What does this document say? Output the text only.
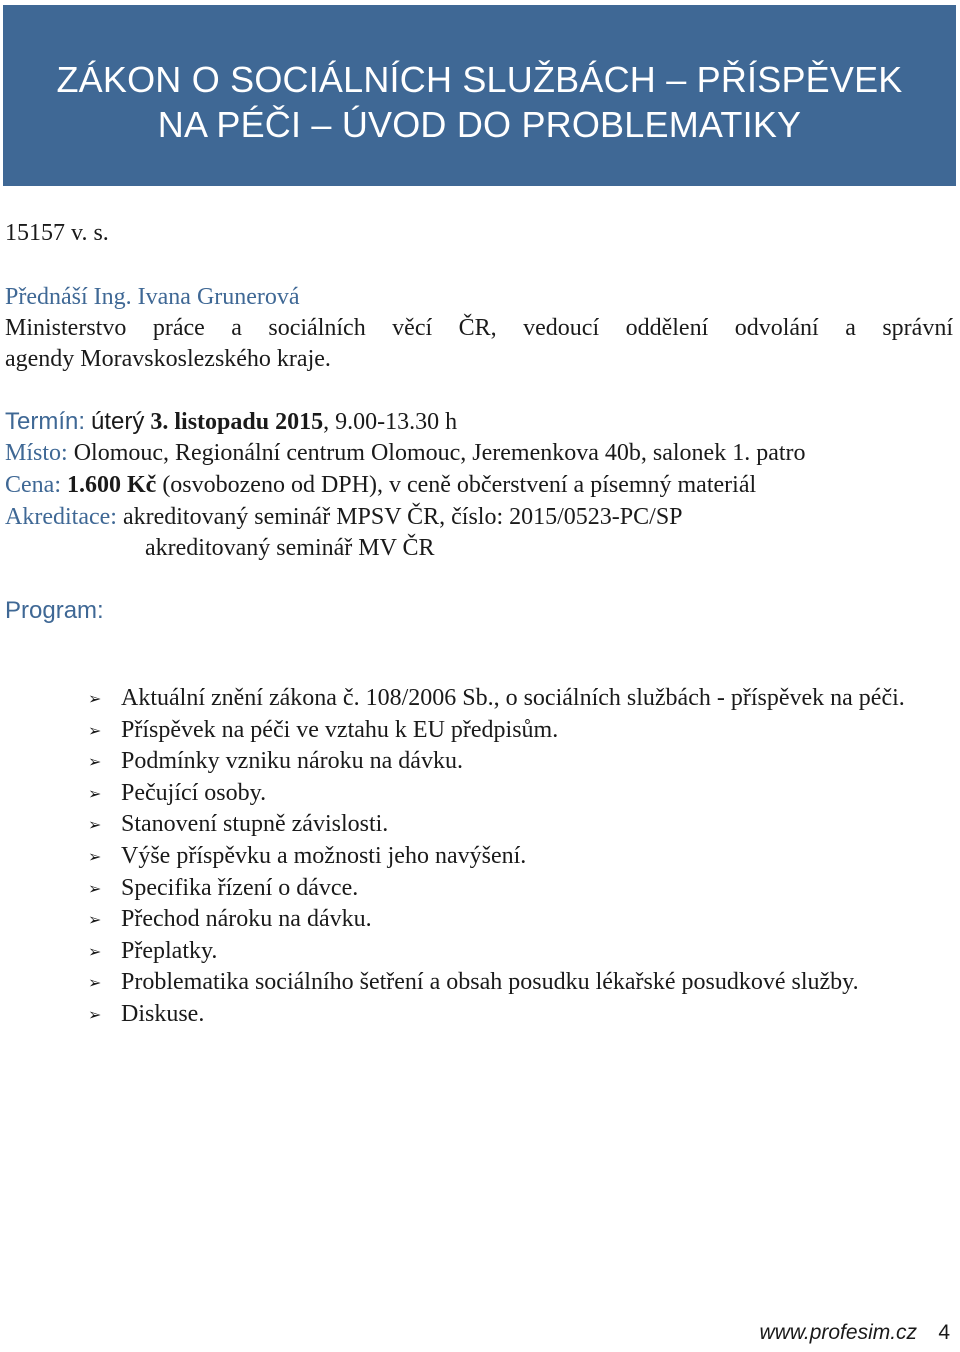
ZÁKON O SOCIÁLNÍCH SLUŽBÁCH – PŘÍSPĚVEK
NA PÉČI – ÚVOD DO PROBLEMATIKY
15157 v. s.
Přednáší Ing. Ivana Grunerová
Ministerstvo práce a sociálních věcí ČR, vedoucí oddělení odvolání a správní
agendy Moravskoslezského kraje.
Termín: úterý 3. listopadu 2015, 9.00-13.30 h
Místo: Olomouc, Regionální centrum Olomouc, Jeremenkova 40b, salonek 1. patro
Cena: 1.600 Kč (osvobozeno od DPH), v ceně občerstvení a písemný materiál
Akreditace: akreditovaný seminář MPSV ČR, číslo: 2015/0523-PC/SP
akreditovaný seminář MV ČR
Program:
➢ Aktuální znění zákona č. 108/2006 Sb., o sociálních službách - příspěvek na péči.
➢ Příspěvek na péči ve vztahu k EU předpisům.
➢ Podmínky vzniku nároku na dávku.
➢ Pečující osoby.
➢ Stanovení stupně závislosti.
➢ Výše příspěvku a možnosti jeho navýšení.
➢ Specifika řízení o dávce.
➢ Přechod nároku na dávku.
➢ Přeplatky.
➢ Problematika sociálního šetření a obsah posudku lékařské posudkové služby.
➢ Diskuse.
www.profesim.cz 4
